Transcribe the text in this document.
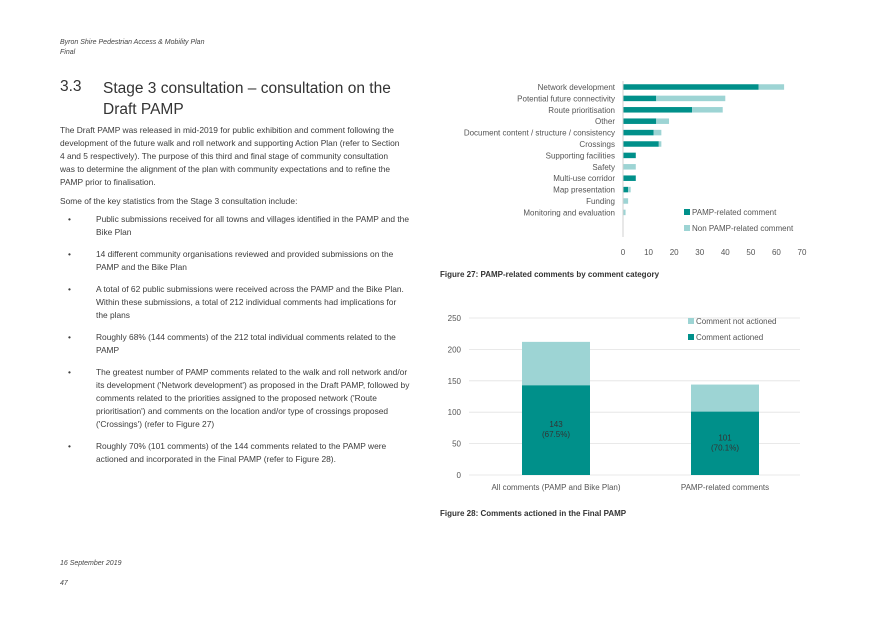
Byron Shire Pedestrian Access & Mobility Plan
Final
3.3 Stage 3 consultation – consultation on the Draft PAMP

The Draft PAMP was released in mid-2019 for public exhibition and comment following the development of the future walk and roll network and supporting Action Plan (refer to Section 4 and 5 respectively). The purpose of this third and final stage of community consultation was to determine the alignment of the plan with community expectations and to refine the PAMP prior to finalisation.

Some of the key statistics from the Stage 3 consultation include:

•	Public submissions received for all towns and villages identified in the PAMP and the Bike Plan
•	14 different community organisations reviewed and provided submissions on the PAMP and the Bike Plan
•	A total of 62 public submissions were received across the PAMP and the Bike Plan. Within these submissions, a total of 212 individual comments had implications for the plans
•	Roughly 68% (144 comments) of the 212 total individual comments related to the PAMP
•	The greatest number of PAMP comments related to the walk and roll network and/or its development ('Network development') as proposed in the Draft PAMP, followed by comments related to the priorities assigned to the proposed network ('Route prioritisation') and comments on the location and/or type of crossings proposed ('Crossings') (refer to Figure 27)
•	Roughly 70% (101 comments) of the 144 comments related to the PAMP were actioned and incorporated in the Final PAMP (refer to Figure 28).
16 September 2019
47
Network development
Potential future connectivity
Route prioritisation
Other
Document content / structure / consistency
Crossings
Supporting facilities
Safety
Multi-use corridor
Map presentation
Funding
Monitoring and evaluation
0 10 20 30 40 50 60 70
PAMP-related comment
Non PAMP-related comment
0
50
100
150
200
250
143
(67.5%)
All comments (PAMP and Bike Plan)
101
(70.1%)
PAMP-related comments
Comment not actioned
Comment actioned
Figure 27: PAMP-related comments by comment category
Figure 28: Comments actioned in the Final PAMP
